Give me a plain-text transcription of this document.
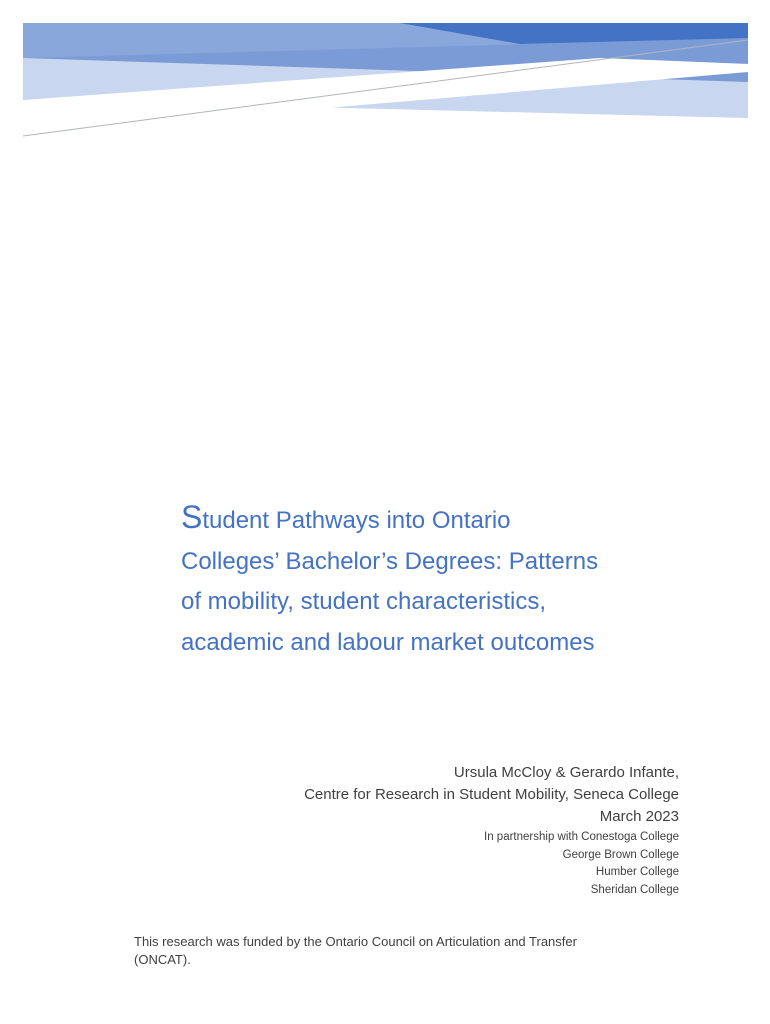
Student Pathways into Ontario
Colleges’ Bachelor’s Degrees: Patterns
of mobility, student characteristics,
academic and labour market outcomes
Ursula McCloy & Gerardo Infante,
Centre for Research in Student Mobility, Seneca College
March 2023
In partnership with Conestoga College
George Brown College
Humber College
Sheridan College

This research was funded by the Ontario Council on Articulation and Transfer (ONCAT).
